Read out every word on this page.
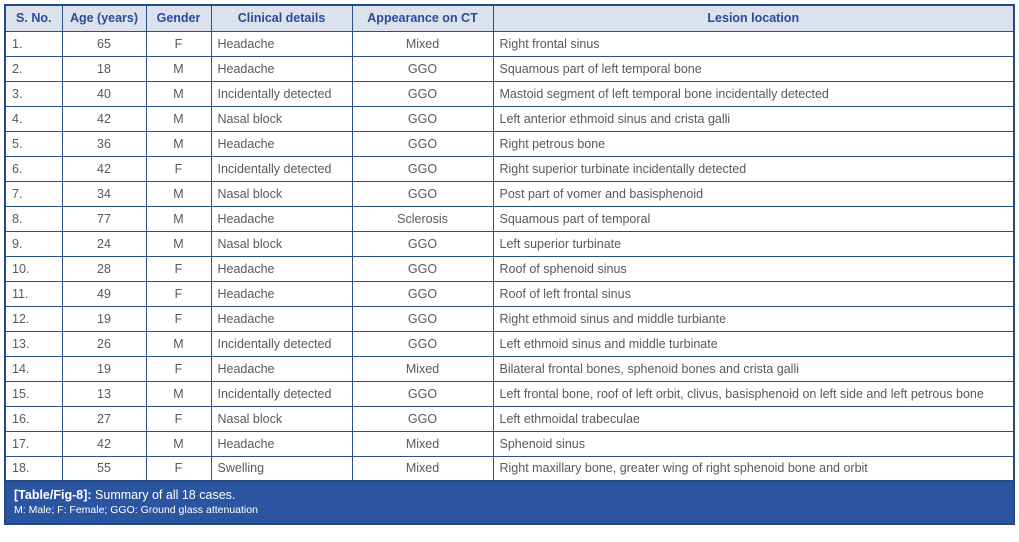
S. No.	Age (years)	Gender	Clinical details	Appearance on CT	Lesion location
1.	65	F	Headache	Mixed	Right frontal sinus
2.	18	M	Headache	GGO	Squamous part of left temporal bone
3.	40	M	Incidentally detected	GGO	Mastoid segment of left temporal bone incidentally detected
4.	42	M	Nasal block	GGO	Left anterior ethmoid sinus and crista galli
5.	36	M	Headache	GGO	Right petrous bone
6.	42	F	Incidentally detected	GGO	Right superior turbinate incidentally detected
7.	34	M	Nasal block	GGO	Post part of vomer and basisphenoid
8.	77	M	Headache	Sclerosis	Squamous part of temporal
9.	24	M	Nasal block	GGO	Left superior turbinate
10.	28	F	Headache	GGO	Roof of sphenoid sinus
11.	49	F	Headache	GGO	Roof of left frontal sinus
12.	19	F	Headache	GGO	Right ethmoid sinus and middle turbiante
13.	26	M	Incidentally detected	GGO	Left ethmoid sinus and middle turbinate
14.	19	F	Headache	Mixed	Bilateral frontal bones, sphenoid bones and crista galli
15.	13	M	Incidentally detected	GGO	Left frontal bone, roof of left orbit, clivus, basisphenoid on left side and left petrous bone
16.	27	F	Nasal block	GGO	Left ethmoidal trabeculae
17.	42	M	Headache	Mixed	Sphenoid sinus
18.	55	F	Swelling	Mixed	Right maxillary bone, greater wing of right sphenoid bone and orbit
[Table/Fig-8]: Summary of all 18 cases.
M: Male; F: Female; GGO: Ground glass attenuation
